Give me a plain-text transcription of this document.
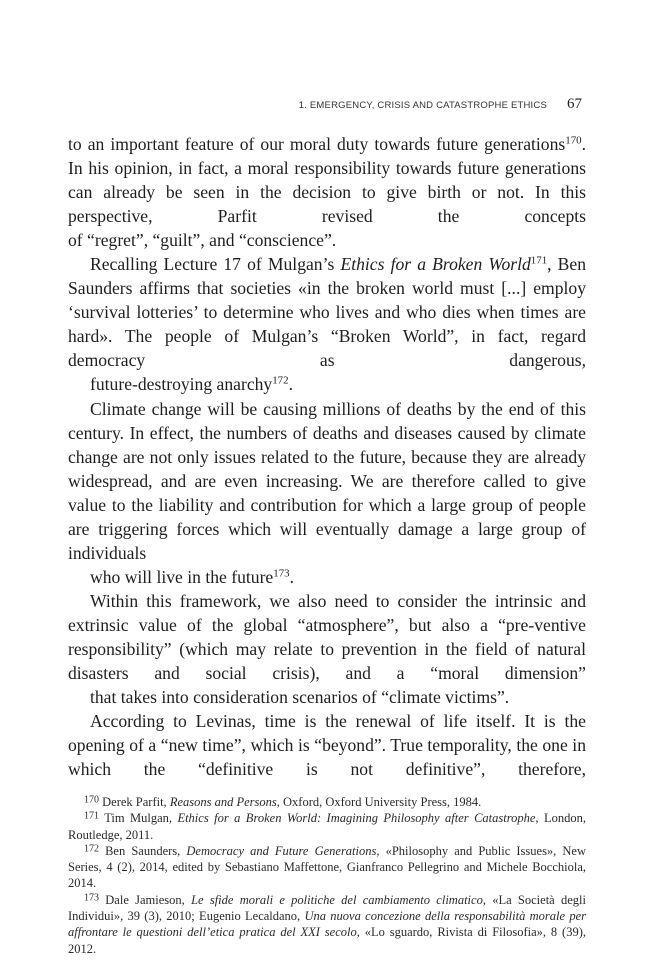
1. EMERGENCY, CRISIS AND CATASTROPHE ETHICS 67

to an important feature of our moral duty towards future generations$^{170}$. In his opinion, in fact, a moral responsibility towards future generations can already be seen in the decision to give birth or not. In this perspective, Parfit revised the concepts
of “regret”, “guilt”, and “conscience”.

Recalling Lecture 17 of Mulgan’s Ethics for a Broken World$^{171}$, Ben Saunders affirms that societies «in the broken world must [...] employ ‘survival lotteries’ to determine who lives and who dies when times are hard». The people of Mulgan’s “Broken World”, in fact, regard democracy as dangerous,
future-destroying anarchy$^{172}$.

Climate change will be causing millions of deaths by the end of this century. In effect, the numbers of deaths and diseases caused by climate change are not only issues related to the future, because they are already widespread, and are even increasing. We are therefore called to give value to the liability and contribution for which a large group of people are triggering forces which will eventually damage a large group of individuals
who will live in the future$^{173}$.

Within this framework, we also need to consider the intrinsic and extrinsic value of the global “atmosphere”, but also a “pre-ventive responsibility” (which may relate to prevention in the field of natural disasters and social crisis), and a “moral dimension”
that takes into consideration scenarios of “climate victims”.

According to Levinas, time is the renewal of life itself. It is the opening of a “new time”, which is “beyond”. True temporality, the one in which the “definitive is not definitive”, therefore,

$^{170}$ Derek Parfit, Reasons and Persons, Oxford, Oxford University Press, 1984.

$^{171}$ Tim Mulgan, Ethics for a Broken World: Imagining Philosophy after Catastrophe, London, Routledge, 2011.

$^{172}$ Ben Saunders, Democracy and Future Generations, «Philosophy and Public Issues», New Series, 4 (2), 2014, edited by Sebastiano Maffettone, Gianfranco Pellegrino and Michele Bocchiola, 2014.

$^{173}$ Dale Jamieson, Le sfide morali e politiche del cambiamento climatico, «La Società degli Individui», 39 (3), 2010; Eugenio Lecaldano, Una nuova concezione della responsabilità morale per affrontare le questioni dell’etica pratica del XXI secolo, «Lo sguardo, Rivista di Filosofia», 8 (39), 2012.
